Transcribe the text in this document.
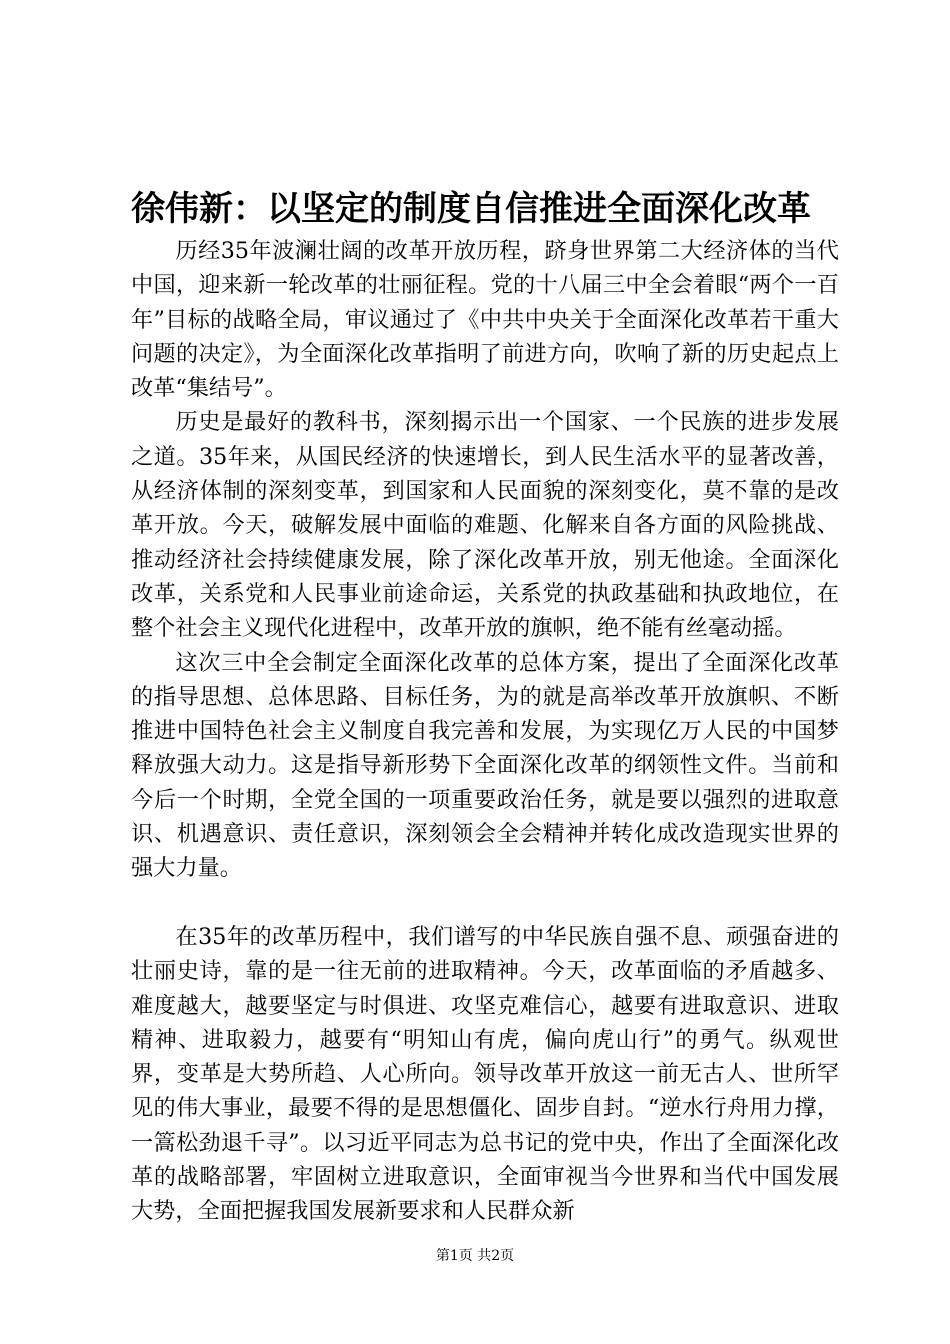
徐伟新：以坚定的制度自信推进全面深化改革

历经35年波澜壮阔的改革开放历程，跻身世界第二大经济体的当代中国，迎来新一轮改革的壮丽征程。党的十八届三中全会着眼“两个一百年”目标的战略全局，审议通过了《中共中央关于全面深化改革若干重大问题的决定》，为全面深化改革指明了前进方向，吹响了新的历史起点上改革“集结号”。

历史是最好的教科书，深刻揭示出一个国家、一个民族的进步发展之道。35年来，从国民经济的快速增长，到人民生活水平的显著改善，从经济体制的深刻变革，到国家和人民面貌的深刻变化，莫不靠的是改革开放。今天，破解发展中面临的难题、化解来自各方面的风险挑战、推动经济社会持续健康发展，除了深化改革开放，别无他途。全面深化改革，关系党和人民事业前途命运，关系党的执政基础和执政地位，在整个社会主义现代化进程中，改革开放的旗帜，绝不能有丝毫动摇。

这次三中全会制定全面深化改革的总体方案，提出了全面深化改革的指导思想、总体思路、目标任务，为的就是高举改革开放旗帜、不断推进中国特色社会主义制度自我完善和发展，为实现亿万人民的中国梦释放强大动力。这是指导新形势下全面深化改革的纲领性文件。当前和今后一个时期，全党全国的一项重要政治任务，就是要以强烈的进取意识、机遇意识、责任意识，深刻领会全会精神并转化成改造现实世界的强大力量。

在35年的改革历程中，我们谱写的中华民族自强不息、顽强奋进的壮丽史诗，靠的是一往无前的进取精神。今天，改革面临的矛盾越多、难度越大，越要坚定与时俱进、攻坚克难信心，越要有进取意识、进取精神、进取毅力，越要有“明知山有虎，偏向虎山行”的勇气。纵观世界，变革是大势所趋、人心所向。领导改革开放这一前无古人、世所罕见的伟大事业，最要不得的是思想僵化、固步自封。“逆水行舟用力撑，一篙松劲退千寻”。以习近平同志为总书记的党中央，作出了全面深化改革的战略部署，牢固树立进取意识，全面审视当今世界和当代中国发展大势，全面把握我国发展新要求和人民群众新

第1页 共2页
